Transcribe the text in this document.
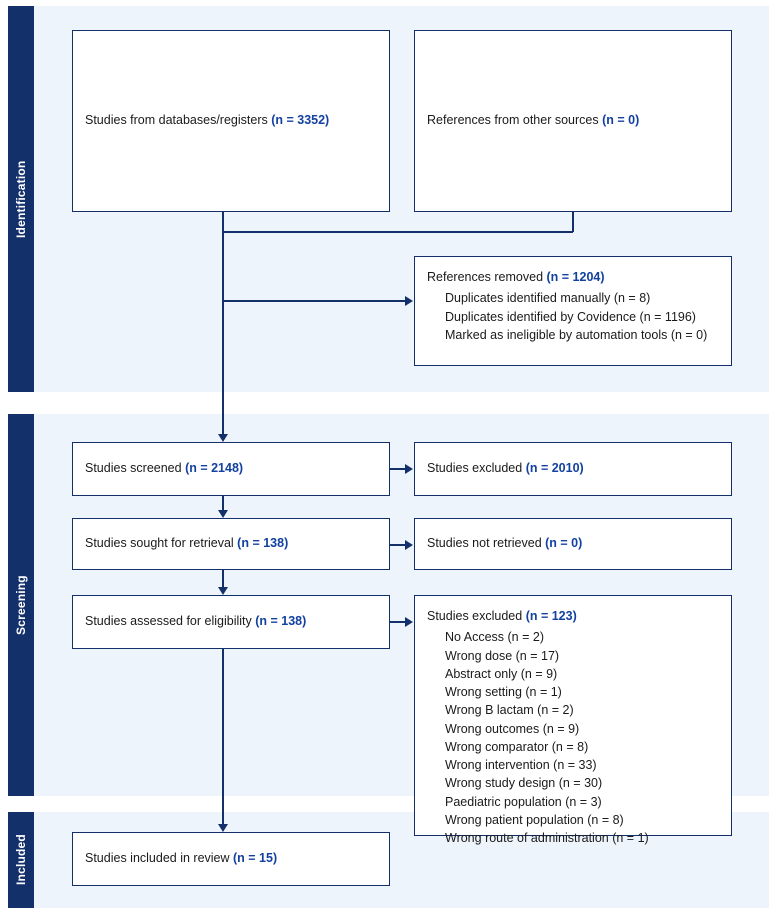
Identification
Screening
Included
Studies from databases/registers (n = 3352)	References from other sources (n = 0)
References removed (n = 1204)
Duplicates identified manually (n = 8)
Duplicates identified by Covidence (n = 1196)
Marked as ineligible by automation tools (n = 0)
Studies screened (n = 2148)	Studies excluded (n = 2010)
Studies sought for retrieval (n = 138)	Studies not retrieved (n = 0)
Studies assessed for eligibility (n = 138)	Studies excluded (n = 123)
No Access (n = 2)
Wrong dose (n = 17)
Abstract only (n = 9)
Wrong setting (n = 1)
Wrong B lactam (n = 2)
Wrong outcomes (n = 9)
Wrong comparator (n = 8)
Wrong intervention (n = 33)
Wrong study design (n = 30)
Paediatric population (n = 3)
Wrong patient population (n = 8)
Wrong route of administration (n = 1)
Studies included in review (n = 15)
